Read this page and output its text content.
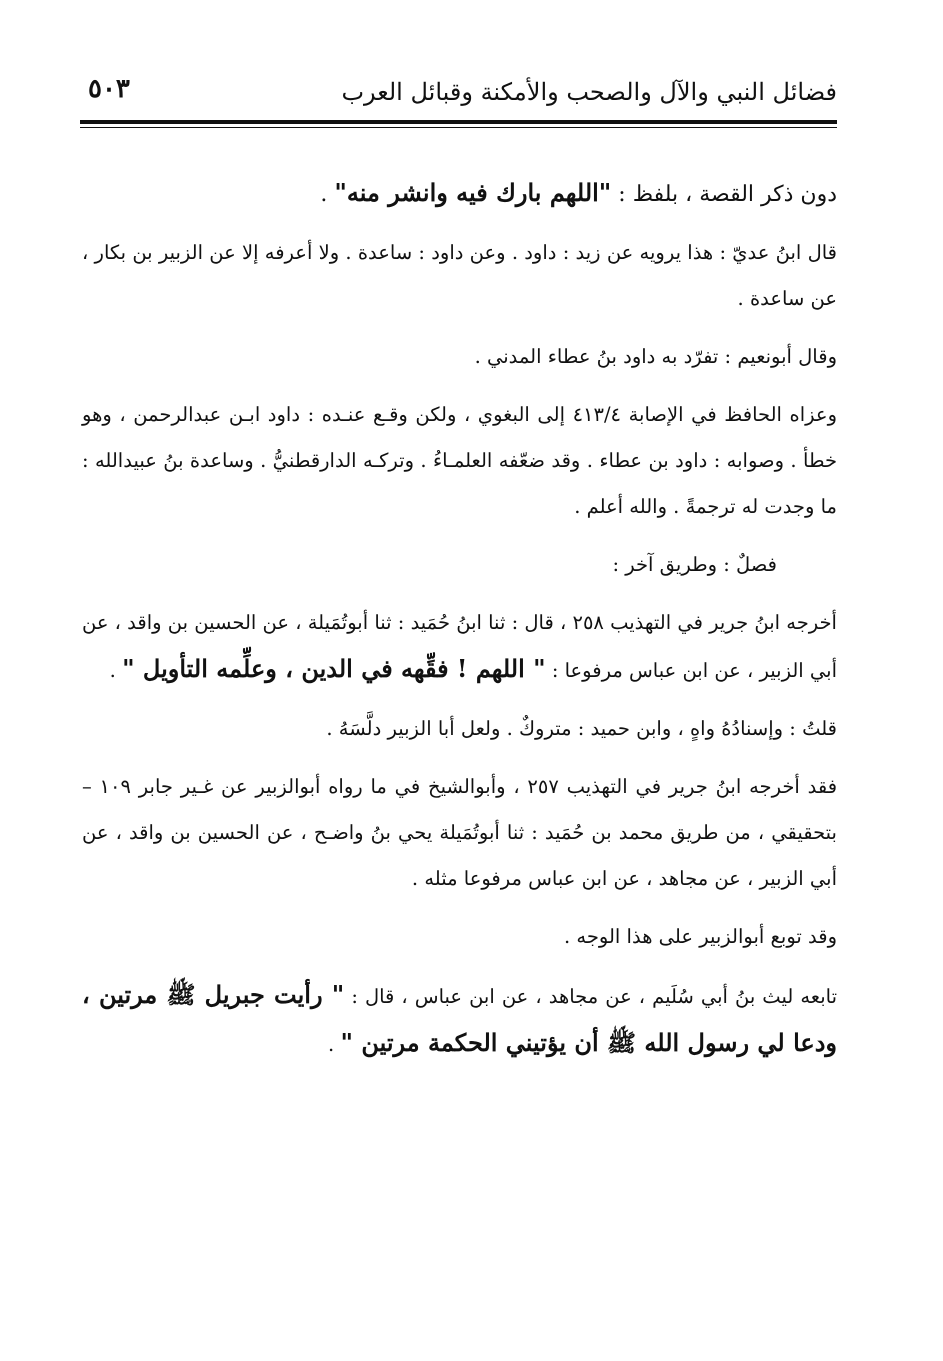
فضائل النبي والآل والصحب والأمكنة وقبائل العرب
٥٠٣

دون ذكر القصة ، بلفظ : "اللهم بارك فيه وانشر منه" .

قال ابنُ عديّ : هذا يرويه عن زيد : داود . وعن داود : ساعدة . ولا أعرفه إلا عن الزبير بن بكار ، عن ساعدة .

وقال أبونعيم : تفرّد به داود بنُ عطاء المدني .

وعزاه الحافظ في الإصابة ٤١٣/٤ إلى البغوي ، ولكن وقـع عنـده : داود ابـن عبدالرحمن ، وهو خطأ . وصوابه : داود بن عطاء . وقد ضعّفه العلمـاءُ . وتركـه الدارقطنيُّ . وساعدة بنُ عبيدالله : ما وجدت له ترجمةً . والله أعلم .

فصلٌ : وطريق آخر :

أخرجه ابنُ جرير في التهذيب ٢٥٨ ، قال : ثنا ابنُ حُمَيد : ثنا أبوتُمَيلة ، عن الحسين بن واقد ، عن أبي الزبير ، عن ابن عباس مرفوعا : " اللهم ! فقِّهه في الدين ، وعلِّمه التأويل " .

قلتُ : وإسنادُهُ واهٍ ، وابن حميد : متروكٌ . ولعل أبا الزبير دلَّسَهُ .

فقد أخرجه ابنُ جرير في التهذيب ٢٥٧ ، وأبوالشيخ في ما رواه أبوالزبير عن غـير جابر ١٠٩ – بتحقيقي ، من طريق محمد بن حُمَيد : ثنا أبوتُمَيلة يحي بنُ واضـح ، عن الحسين بن واقد ، عن أبي الزبير ، عن مجاهد ، عن ابن عباس مرفوعا مثله .

وقد توبع أبوالزبير على هذا الوجه .

تابعه ليث بنُ أبي سُلَيم ، عن مجاهد ، عن ابن عباس ، قال : " رأيت جبريل ﷺ مرتين ، ودعا لي رسول الله ﷺ أن يؤتيني الحكمة مرتين " .
